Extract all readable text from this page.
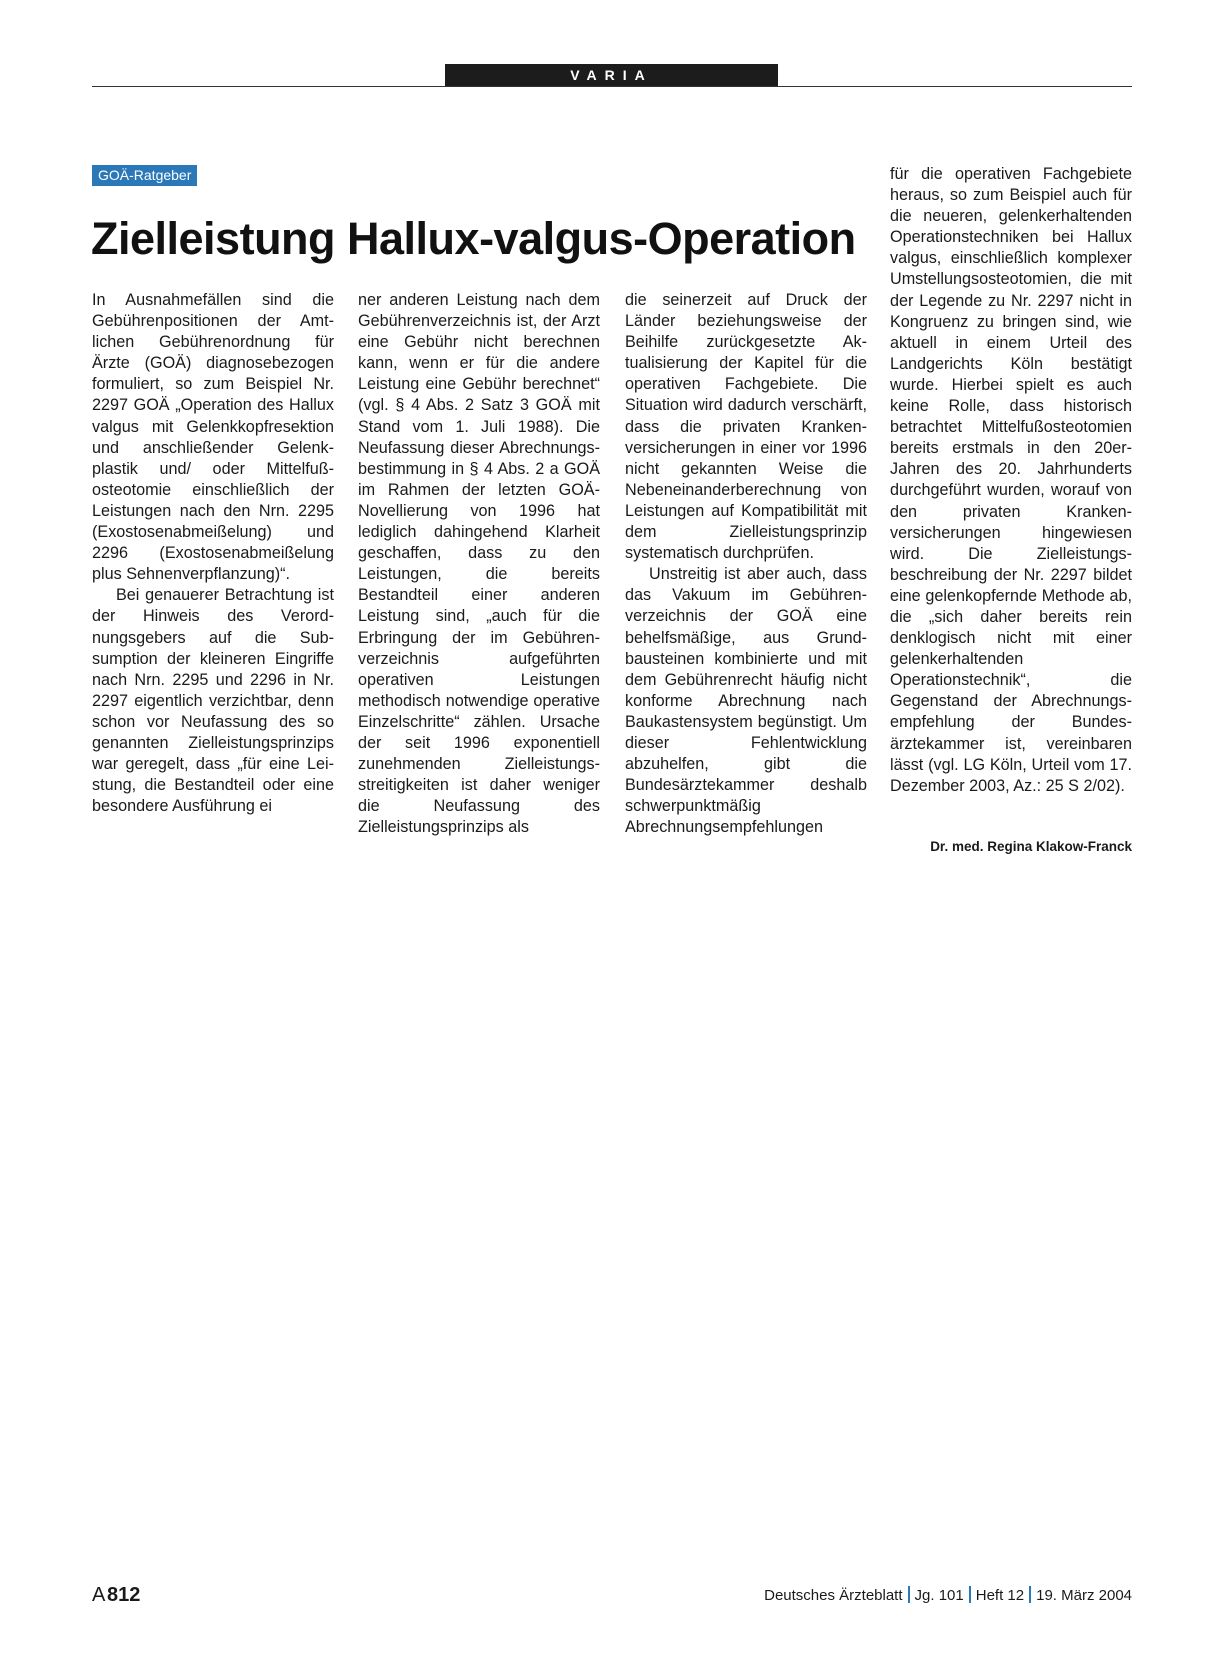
VARIA
GOÄ-Ratgeber
Zielleistung Hallux-valgus-Operation

In Ausnahmefällen sind die Gebührenpositionen der Amtlichen Gebührenordnung für Ärzte (GOÄ) diagnosebezogen formuliert, so zum Beispiel Nr. 2297 GOÄ „Operation des Hallux valgus mit Gelenkkopfresektion und anschließender Gelenkplastik und/ oder Mittelfußosteotomie einschließlich der Leistungen nach den Nrn. 2295 (Exostosenabmeißelung) und 2296 (Exostosenabmeißelung plus Sehnenverpflanzung)“.

Bei genauerer Betrachtung ist der Hinweis des Verordnungsgebers auf die Subsumption der kleineren Eingriffe nach Nrn. 2295 und 2296 in Nr. 2297 eigentlich verzichtbar, denn schon vor Neufassung des so genannten Zielleistungsprinzips war geregelt, dass „für eine Leistung, die Bestandteil oder eine besondere Ausführung ei

ner anderen Leistung nach dem Gebührenverzeichnis ist, der Arzt eine Gebühr nicht berechnen kann, wenn er für die andere Leistung eine Gebühr berechnet“ (vgl. § 4 Abs. 2 Satz 3 GOÄ mit Stand vom 1. Juli 1988). Die Neufassung dieser Abrechnungsbestimmung in § 4 Abs. 2 a GOÄ im Rahmen der letzten GOÄ-Novellierung von 1996 hat lediglich dahingehend Klarheit geschaffen, dass zu den Leistungen, die bereits Bestandteil einer anderen Leistung sind, „auch für die Erbringung der im Gebührenverzeichnis aufgeführten operativen Leistungen methodisch notwendige operative Einzelschritte“ zählen. Ursache der seit 1996 exponentiell zunehmenden Zielleistungsstreitigkeiten ist daher weniger die Neufassung des Zielleistungsprinzips als

die seinerzeit auf Druck der Länder beziehungsweise der Beihilfe zurückgesetzte Aktualisierung der Kapitel für die operativen Fachgebiete. Die Situation wird dadurch verschärft, dass die privaten Krankenversicherungen in einer vor 1996 nicht gekannten Weise die Nebeneinanderberechnung von Leistungen auf Kompatibilität mit dem Zielleistungsprinzip systematisch durchprüfen.

Unstreitig ist aber auch, dass das Vakuum im Gebührenverzeichnis der GOÄ eine behelfsmäßige, aus Grundbausteinen kombinierte und mit dem Gebührenrecht häufig nicht konforme Abrechnung nach Baukastensystem begünstigt. Um dieser Fehlentwicklung abzuhelfen, gibt die Bundesärztekammer deshalb schwerpunktmäßig Abrechnungsempfehlungen

für die operativen Fachgebiete heraus, so zum Beispiel auch für die neueren, gelenkerhaltenden Operationstechniken bei Hallux valgus, einschließlich komplexer Umstellungsosteotomien, die mit der Legende zu Nr. 2297 nicht in Kongruenz zu bringen sind, wie aktuell in einem Urteil des Landgerichts Köln bestätigt wurde. Hierbei spielt es auch keine Rolle, dass historisch betrachtet Mittelfußosteotomien bereits erstmals in den 20er-Jahren des 20. Jahrhunderts durchgeführt wurden, worauf von den privaten Krankenversicherungen hingewiesen wird. Die Zielleistungsbeschreibung der Nr. 2297 bildet eine gelenkopfernde Methode ab, die „sich daher bereits rein denklogisch nicht mit einer gelenkerhaltenden Operationstechnik“, die Gegenstand der Abrechnungsempfehlung der Bundesärztekammer ist, vereinbaren lässt (vgl. LG Köln, Urteil vom 17. Dezember 2003, Az.: 25 S 2/02).

Dr. med. Regina Klakow-Franck
A 812	Deutsches Ärzteblatt Jg. 101 Heft 12 19. März 2004
